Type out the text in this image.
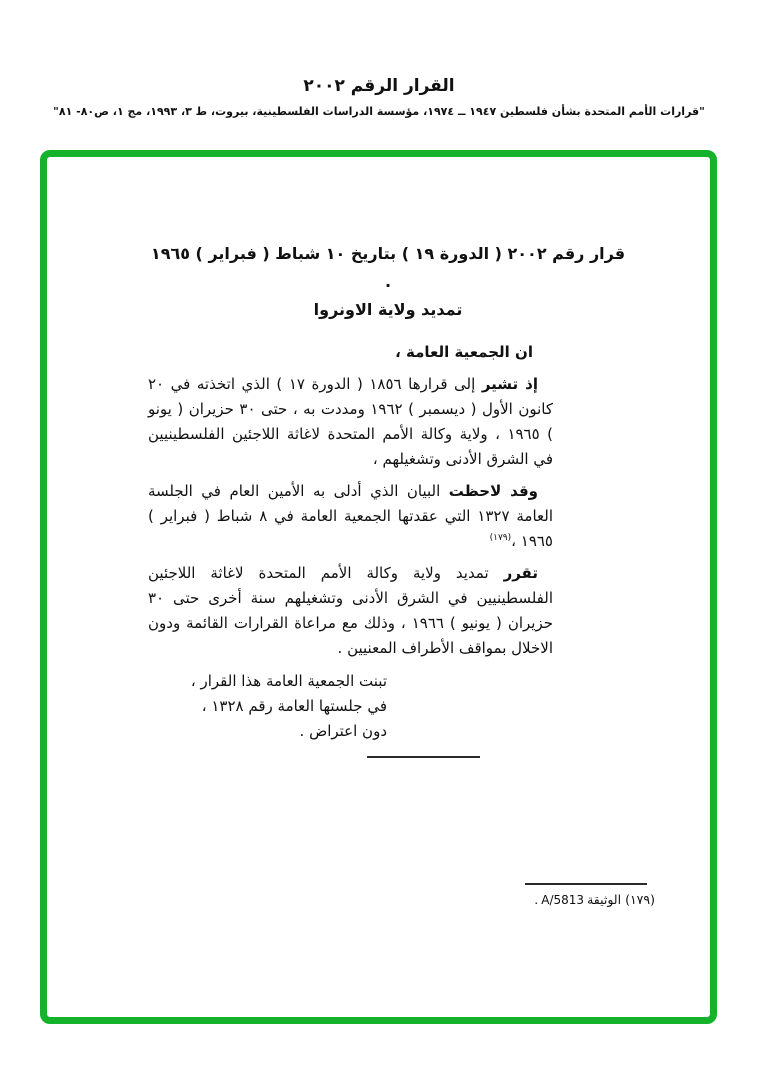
القرار الرقم ٢٠٠٢
"قرارات الأمم المتحدة بشأن فلسطين ١٩٤٧ ــ ١٩٧٤، مؤسسة الدراسات الفلسطينية، بيروت، ط ٣، ١٩٩٣، مج ١، ص٨٠- ٨١"
قرار رقم ٢٠٠٢ ( الدورة ١٩ ) بتاريخ ١٠ شباط ( فبراير ) ١٩٦٥ .
تمديد ولاية الاونروا

ان الجمعية العامة ،

إذ تشير إلى قرارها ١٨٥٦ ( الدورة ١٧ ) الذي اتخذته في ٢٠ كانون الأول ( ديسمبر ) ١٩٦٢ ومددت به ، حتى ٣٠ حزيران ( يونو ) ١٩٦٥ ، ولاية وكالة الأمم المتحدة لاغاثة اللاجئين الفلسطينيين في الشرق الأدنى وتشغيلهم ،

وقد لاحظت البيان الذي أدلى به الأمين العام في الجلسة العامة ١٣٢٧ التي عقدتها الجمعية العامة في ٨ شباط ( فبراير ) ١٩٦٥ ،$^{(١٧٩)}$

تقرر تمديد ولاية وكالة الأمم المتحدة لاغاثة اللاجئين الفلسطينيين في الشرق الأدنى وتشغيلهم سنة أخرى حتى ٣٠ حزيران ( يونيو ) ١٩٦٦ ، وذلك مع مراعاة القرارات القائمة ودون الاخلال بمواقف الأطراف المعنيين .

تبنت الجمعية العامة هذا القرار ،
في جلستها العامة رقم ١٣٢٨ ،
دون اعتراض .
(١٧٩) الوثيقةA/5813.
